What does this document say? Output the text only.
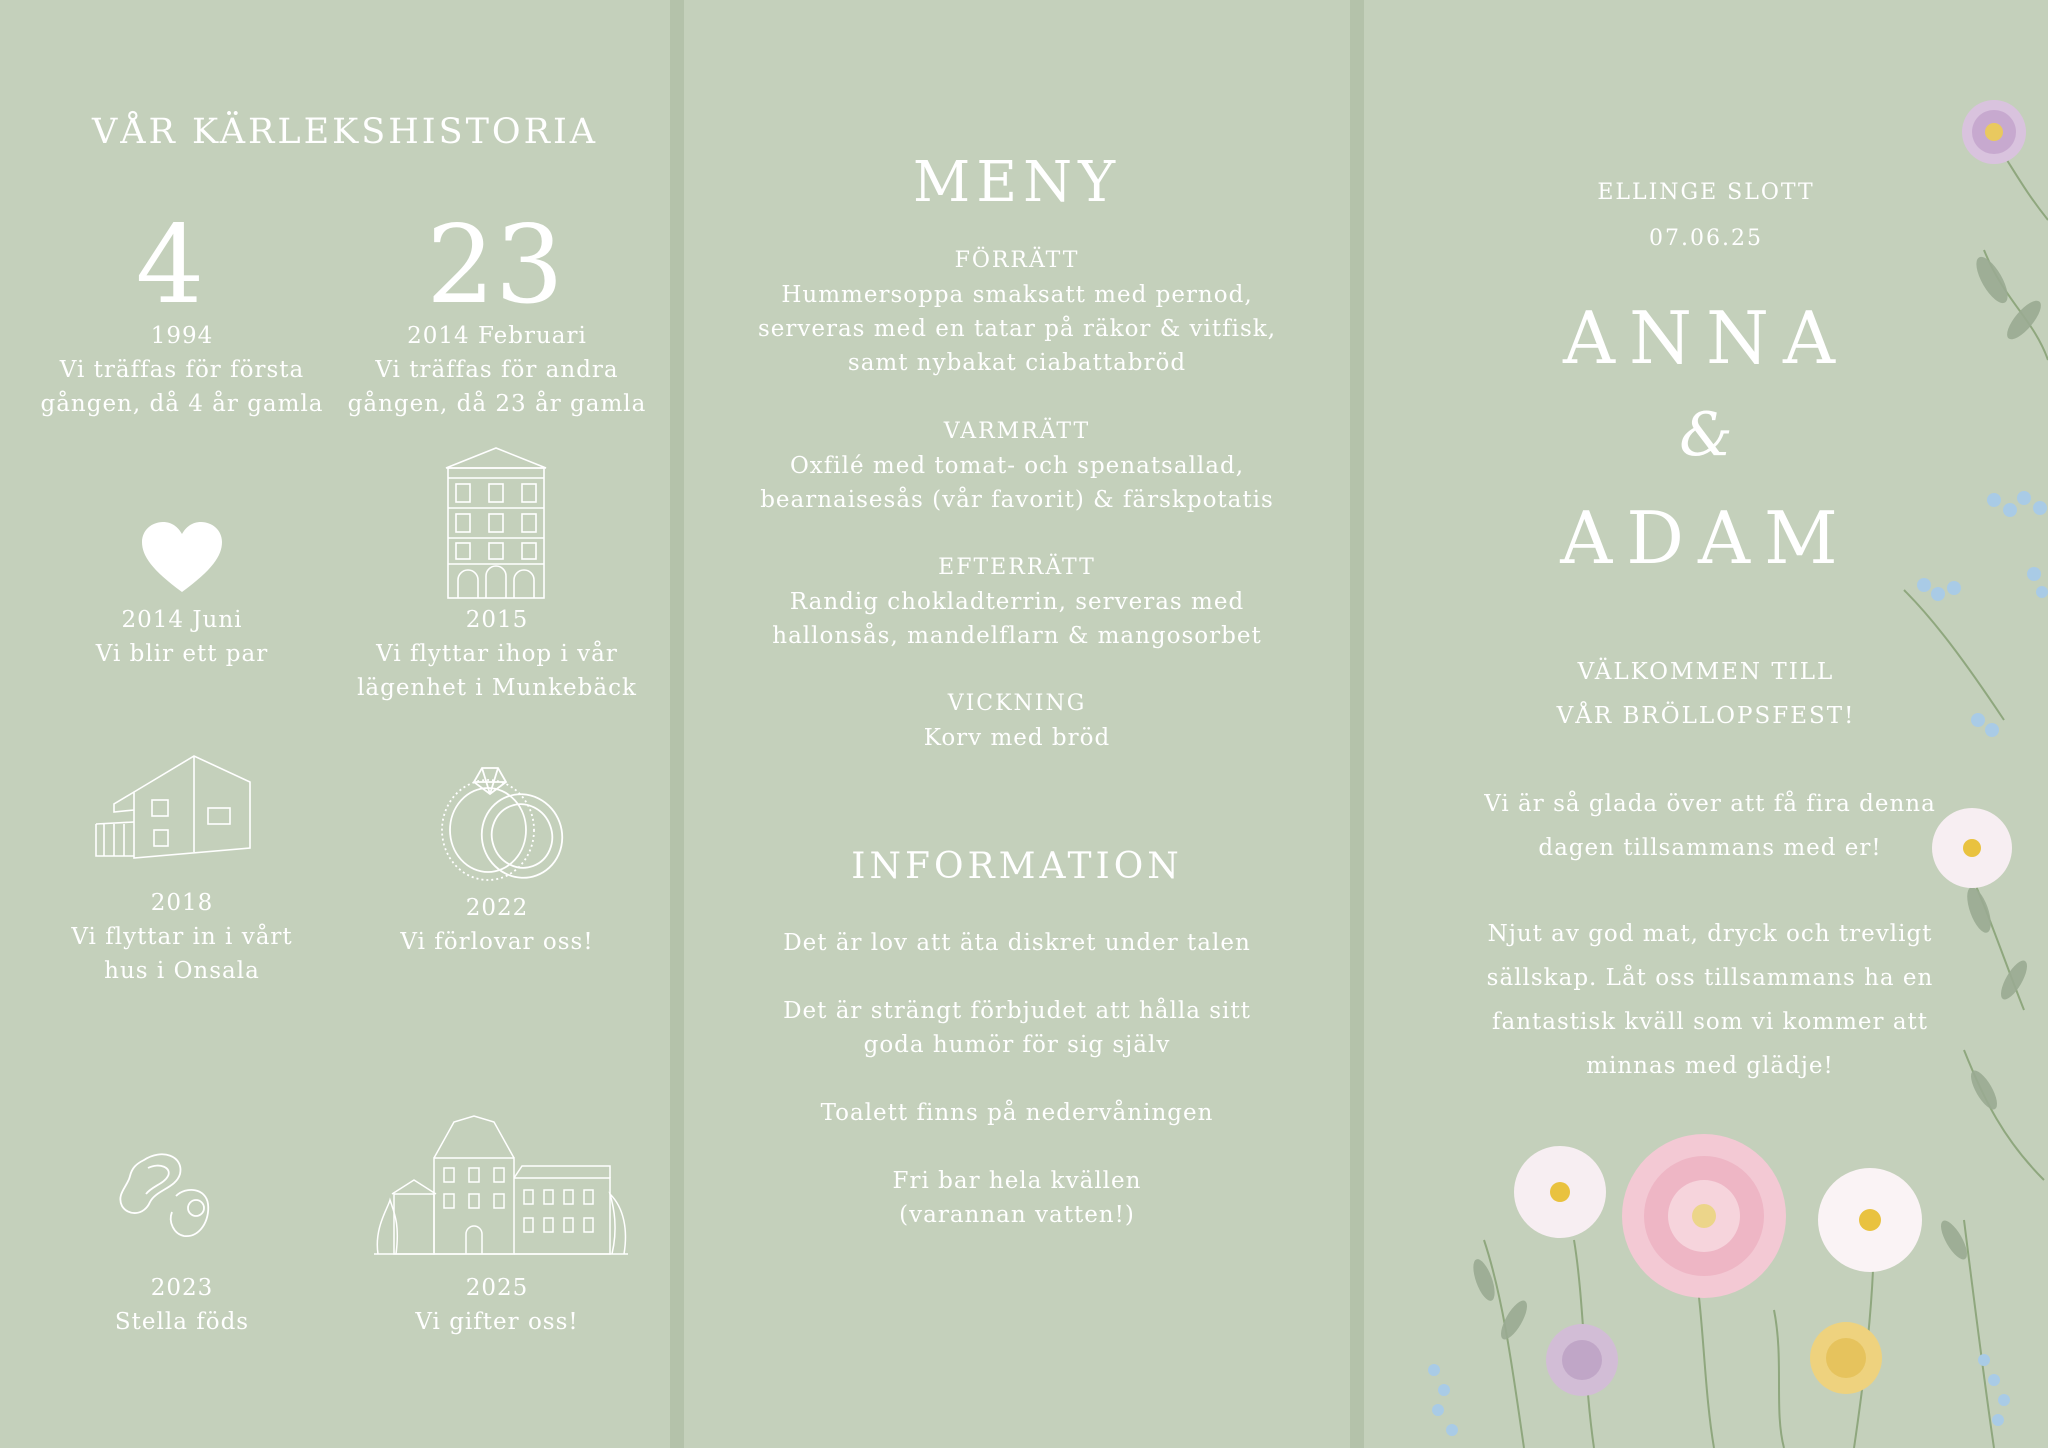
VÅR KÄRLEKSHISTORIA
4	23
1994
Vi träffas för första
gången, då 4 år gamla
2014 Februari
Vi träffas för andra
gången, då 23 år gamla
2014 Juni
Vi blir ett par
2015
Vi flyttar ihop i vår
lägenhet i Munkebäck
2018
Vi flyttar in i vårt
hus i Onsala
2022
Vi förlovar oss!
2023
Stella föds
2025
Vi gifter oss!
MENY
FÖRRÄTT
Hummersoppa smaksatt med pernod,
serveras med en tatar på räkor & vitfisk,
samt nybakat ciabattabröd
VARMRÄTT
Oxfilé med tomat- och spenatsallad,
bearnaisesås (vår favorit) & färskpotatis
EFTERRÄTT
Randig chokladterrin, serveras med
hallonsås, mandelflarn & mangosorbet
VICKNING
Korv med bröd
INFORMATION
Det är lov att äta diskret under talen
Det är strängt förbjudet att hålla sitt
goda humör för sig själv
Toalett finns på nedervåningen
Fri bar hela kvällen
(varannan vatten!)
ELLINGE SLOTT
07.06.25
ANNA
&
ADAM
VÄLKOMMEN TILL
VÅR BRÖLLOPSFEST!
Vi är så glada över att få fira denna
dagen tillsammans med er!
Njut av god mat, dryck och trevligt
sällskap. Låt oss tillsammans ha en
fantastisk kväll som vi kommer att
minnas med glädje!
